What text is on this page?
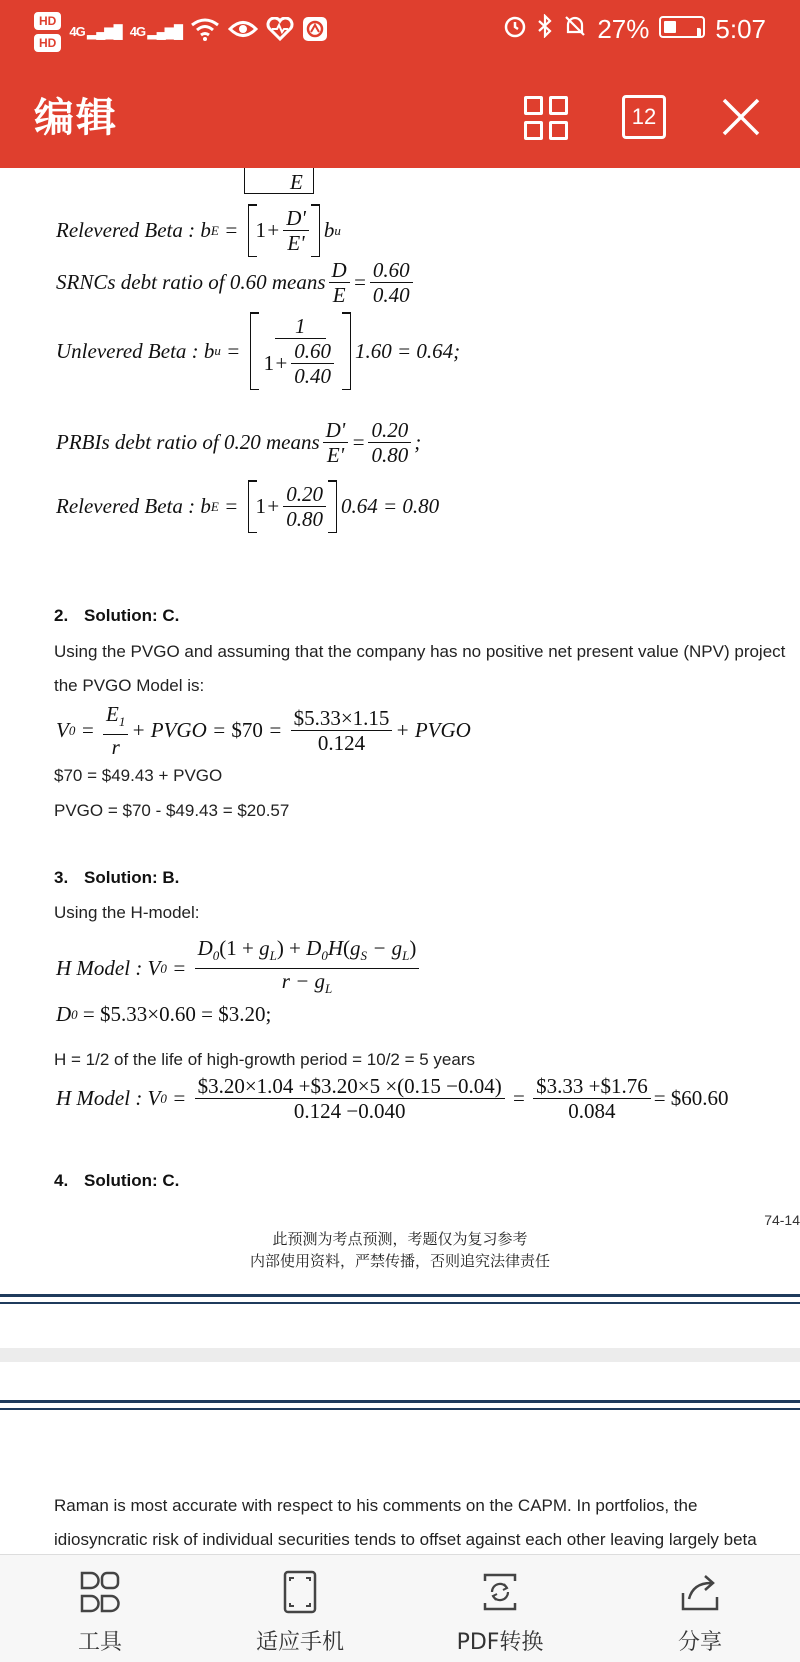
HD
HD
4G ▂▄▆█ 4G ▂▄▆█	27%	5:07
编辑	12
E
Relevered Beta : b $E = 1 + \frac{D'}{E'}$ b u
SRNCs debt ratio of 0.60 means $\frac{D}{E} = \frac{0.60}{0.40}$
Unlevered Beta : b $u = \frac{1}{1 + \frac{0.60}{0.40}} 1.60 = 0.64$;
PRBIs debt ratio of 0.20 means $\frac{D'}{E'} = \frac{0.20}{0.80}$ ;
Relevered Beta : b $E = 1 + \frac{0.20}{0.80} 0.64 = 0.80$
2. Solution: C.
Using the PVGO and assuming that the company has no positive net present value (NPV) project
the PVGO Model is:
V $0 = \frac{E_1}{r}$ + PVGO = $70 = $\frac{\$5.33\times 1.15}{0.124}$ + PVGO
$70 = $49.43 + PVGO
PVGO = $70 - $49.43 = $20.57
3. Solution: B.
Using the H-model:
H Model : V $0 = \frac{D_0(1 + g_L) + D_0H(g_S - g_L)}{r - g_L}$
D 0
= $5.33×0.60 = $3.20;
H = 1/2 of the life of high-growth period = 10/2 = 5 years
H Model : V $0 = \frac{\$3.20\times 1.04 +\$3.20\times 5 \times(0.15 -0.04)}{0.124 -0.040} = \frac{\$3.33 +\$1.76}{0.084}$ = $60.60
4. Solution: C.
74-14
此预测为考点预测，考题仅为复习参考
内部使用资料，严禁传播，否则追究法律责任
Raman is most accurate with respect to his comments on the CAPM. In portfolios, the
idiosyncratic risk of individual securities tends to offset against each other leaving largely beta
工具	适应手机	PDF转换	分享
